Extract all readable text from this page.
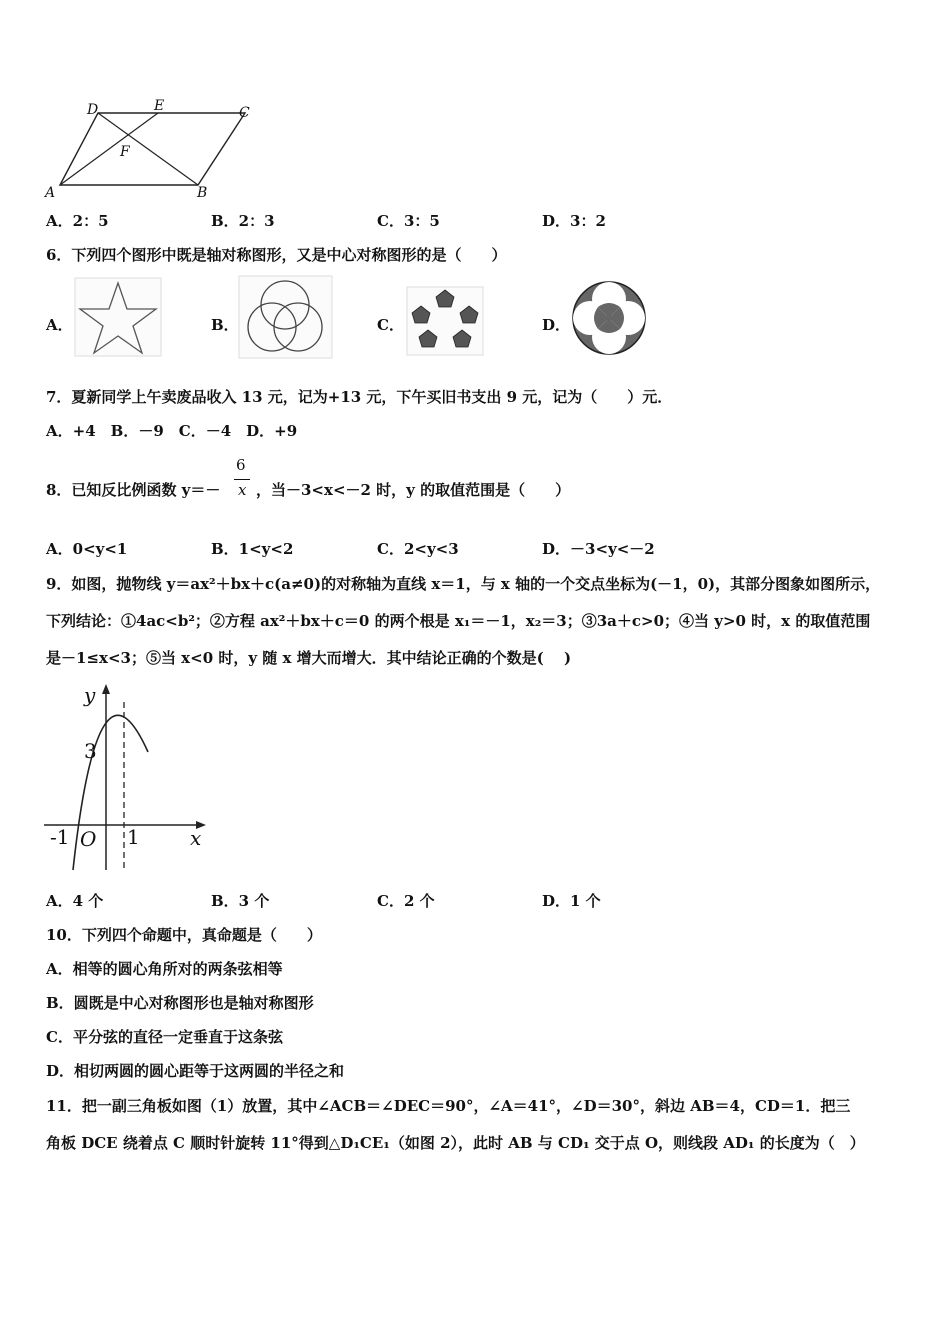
D	E	C
F
A	B
A．2：5	B．2：3	C．3：5	D．3：2
6．下列四个图形中既是轴对称图形，又是中心对称图形的是（　　）
A．	B．	C．	D．
7．夏新同学上午卖废品收入 13 元，记为+13 元，下午买旧书支出 9 元，记为（　　）元．
A．+4　B．－9　C．－4　D．+9
8．已知反比例函数 y＝－
6
x ，当－3<x<－2 时，y 的取值范围是（　　）
A．0<y<1	B．1<y<2	C．2<y<3	D．－3<y<－2
9．如图，抛物线 y＝ax²＋bx＋c(a≠0)的对称轴为直线 x＝1，与 x 轴的一个交点坐标为(－1，0)，其部分图象如图所示，
下列结论：①4ac<b²；②方程 ax²＋bx＋c＝0 的两个根是 x₁＝－1，x₂＝3；③3a＋c>0；④当 y>0 时，x 的取值范围
是－1≤x<3；⑤当 x<0 时，y 随 x 增大而增大．其中结论正确的个数是(　 )
y
x
3
-1 O 1
A．4 个	B．3 个	C．2 个	D．1 个
10．下列四个命题中，真命题是（　　）
A．相等的圆心角所对的两条弦相等
B．圆既是中心对称图形也是轴对称图形
C．平分弦的直径一定垂直于这条弦
D．相切两圆的圆心距等于这两圆的半径之和
11．把一副三角板如图（1）放置，其中∠ACB＝∠DEC＝90°，∠A＝41°，∠D＝30°，斜边 AB＝4，CD＝1．把三
角板 DCE 绕着点 C 顺时针旋转 11°得到△D₁CE₁（如图 2），此时 AB 与 CD₁ 交于点 O，则线段 AD₁ 的长度为（　）
